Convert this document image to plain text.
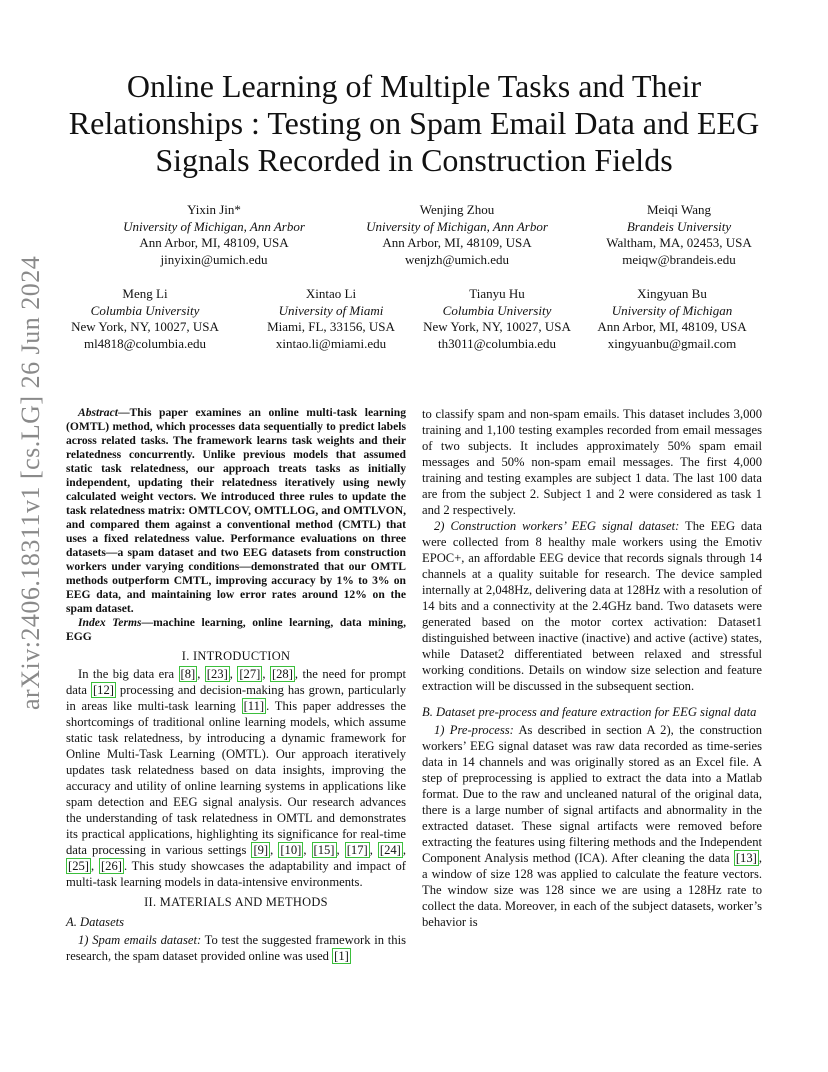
arXiv:2406.18311v1 [cs.LG] 26 Jun 2024
Online Learning of Multiple Tasks and Their Relationships : Testing on Spam Email Data and EEG Signals Recorded in Construction Fields
Yixin Jin*
University of Michigan, Ann Arbor
Ann Arbor, MI, 48109, USA
jinyixin@umich.edu
Wenjing Zhou
University of Michigan, Ann Arbor
Ann Arbor, MI, 48109, USA
wenjzh@umich.edu
Meiqi Wang
Brandeis University
Waltham, MA, 02453, USA
meiqw@brandeis.edu
Meng Li
Columbia University
New York, NY, 10027, USA
ml4818@columbia.edu
Xintao Li
University of Miami
Miami, FL, 33156, USA
xintao.li@miami.edu
Tianyu Hu
Columbia University
New York, NY, 10027, USA
th3011@columbia.edu
Xingyuan Bu
University of Michigan
Ann Arbor, MI, 48109, USA
xingyuanbu@gmail.com

Abstract—This paper examines an online multi-task learning (OMTL) method, which processes data sequentially to predict labels across related tasks. The framework learns task weights and their relatedness concurrently. Unlike previous models that assumed static task relatedness, our approach treats tasks as initially independent, updating their relatedness iteratively using newly calculated weight vectors. We introduced three rules to update the task relatedness matrix: OMTLCOV, OMTLLOG, and OMTLVON, and compared them against a conventional method (CMTL) that uses a fixed relatedness value. Performance evaluations on three datasets—a spam dataset and two EEG datasets from construction workers under varying conditions—demonstrated that our OMTL methods outperform CMTL, improving accuracy by 1% to 3% on EEG data, and maintaining low error rates around 12% on the spam dataset.

Index Terms—machine learning, online learning, data mining, EGG

I. INTRODUCTION

In the big data era [8] , [23] , [27] , [28] , the need for prompt data [12] processing and decision-making has grown, particularly in areas like multi-task learning [11] . This paper addresses the shortcomings of traditional online learning models, which assume static task relatedness, by introducing a dynamic framework for Online Multi-Task Learning (OMTL). Our approach iteratively updates task relatedness based on data insights, improving the accuracy and utility of online learning systems in applications like spam detection and EEG signal analysis. Our research advances the understanding of task relatedness in OMTL and demonstrates its practical applications, highlighting its significance for real-time data processing in various settings [9] , [10] , [15] , [17] , [24] , [25] , [26] . This study showcases the adaptability and impact of multi-task learning models in data-intensive environments.

II. MATERIALS AND METHODS
A. Datasets

1) Spam emails dataset: To test the suggested framework in this research, the spam dataset provided online was used [1]

to classify spam and non-spam emails. This dataset includes 3,000 training and 1,100 testing examples recorded from email messages of two subjects. It includes approximately 50% spam email messages and 50% non-spam email messages. The first 4,000 training and testing examples are subject 1 data. The last 100 data are from the subject 2. Subject 1 and 2 were considered as task 1 and 2 respectively.

2) Construction workers’ EEG signal dataset: The EEG data were collected from 8 healthy male workers using the Emotiv EPOC+, an affordable EEG device that records signals through 14 channels at a quality suitable for research. The device sampled internally at 2,048Hz, delivering data at 128Hz with a resolution of 14 bits and a connectivity at the 2.4GHz band. Two datasets were generated based on the motor cortex activation: Dataset1 distinguished between inactive (inactive) and active (active) states, while Dataset2 differentiated between relaxed and stressful working conditions. Details on window size selection and feature extraction will be discussed in the subsequent section.

B. Dataset pre-process and feature extraction for EEG signal data

1) Pre-process: As described in section A 2), the construction workers’ EEG signal dataset was raw data recorded as time-series data in 14 channels and was originally stored as an Excel file. A step of preprocessing is applied to extract the data into a Matlab format. Due to the raw and uncleaned natural of the original data, there is a large number of signal artifacts and abnormality in the extracted dataset. These signal artifacts were removed before extracting the features using filtering methods and the Independent Component Analysis method (ICA). After cleaning the data [13] , a window of size 128 was applied to calculate the feature vectors. The window size was 128 since we are using a 128Hz rate to collect the data. Moreover, in each of the subject datasets, worker’s behavior is
